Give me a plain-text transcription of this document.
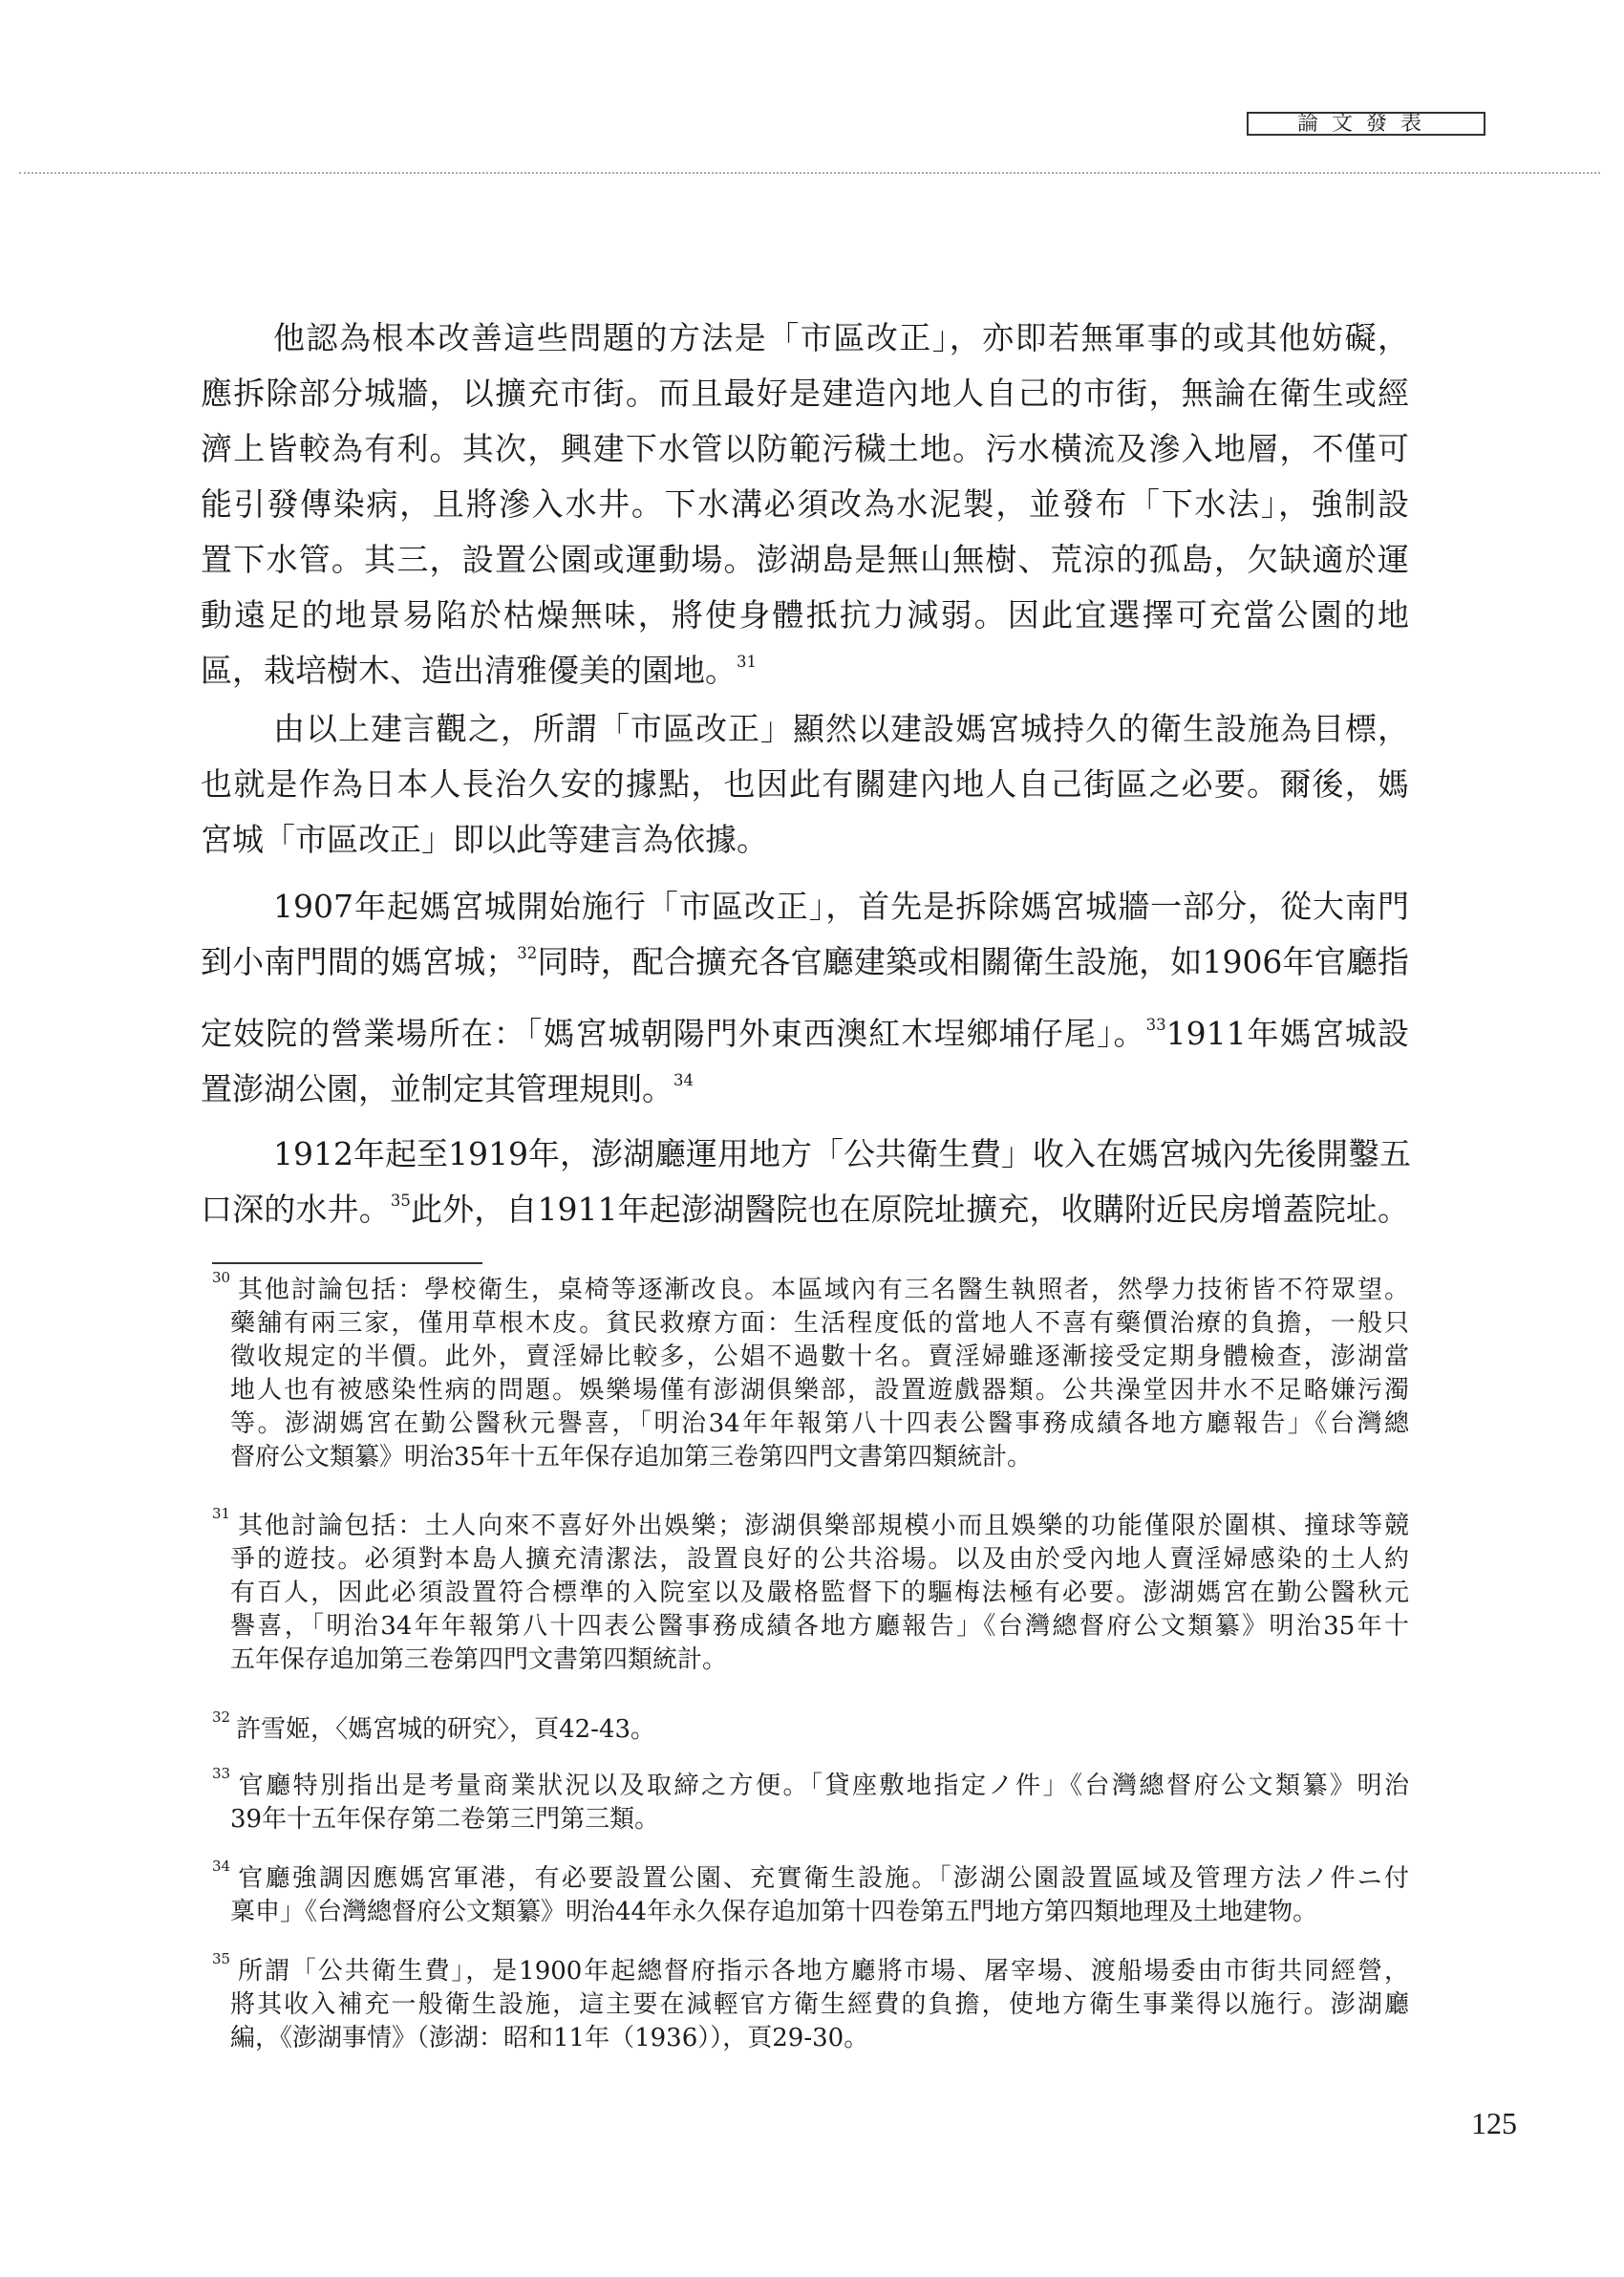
論文發表
他認為根本改善這些問題的方法是「市區改正」，亦即若無軍事的或其他妨礙，
應拆除部分城牆，以擴充市街。而且最好是建造內地人自己的市街，無論在衛生或經
濟上皆較為有利。其次，興建下水管以防範污穢土地。污水橫流及滲入地層，不僅可
能引發傳染病，且將滲入水井。下水溝必須改為水泥製，並發布「下水法」，強制設
置下水管。其三，設置公園或運動場。澎湖島是無山無樹、荒涼的孤島，欠缺適於運
動遠足的地景易陷於枯燥無味，將使身體抵抗力減弱。因此宜選擇可充當公園的地
區，栽培樹木、造出清雅優美的園地。$^{31}$
由以上建言觀之，所謂「市區改正」顯然以建設媽宮城持久的衛生設施為目標，
也就是作為日本人長治久安的據點，也因此有關建內地人自己街區之必要。爾後，媽
宮城「市區改正」即以此等建言為依據。
1907年起媽宮城開始施行「市區改正」，首先是拆除媽宮城牆一部分，從大南門
到小南門間的媽宮城；$^{32}$同時，配合擴充各官廳建築或相關衛生設施，如1906年官廳指
定妓院的營業場所在：「媽宮城朝陽門外東西澳紅木埕鄉埔仔尾」。$^{33}$1911年媽宮城設
置澎湖公園，並制定其管理規則。$^{34}$
1912年起至1919年，澎湖廳運用地方「公共衛生費」收入在媽宮城內先後開鑿五
口深的水井。$^{35}$此外，自1911年起澎湖醫院也在原院址擴充，收購附近民房增蓋院址。
$^{30}$ 其他討論包括：學校衛生，桌椅等逐漸改良。本區域內有三名醫生執照者，然學力技術皆不符眾望。
藥舖有兩三家，僅用草根木皮。貧民救療方面：生活程度低的當地人不喜有藥價治療的負擔，一般只
徵收規定的半價。此外，賣淫婦比較多，公娼不過數十名。賣淫婦雖逐漸接受定期身體檢查，澎湖當
地人也有被感染性病的問題。娛樂場僅有澎湖俱樂部，設置遊戲器類。公共澡堂因井水不足略嫌污濁
等。澎湖媽宮在勤公醫秋元譽喜，「明治34年年報第八十四表公醫事務成績各地方廳報告」《台灣總
督府公文類纂》明治35年十五年保存追加第三卷第四門文書第四類統計。
$^{31}$ 其他討論包括：土人向來不喜好外出娛樂；澎湖俱樂部規模小而且娛樂的功能僅限於圍棋、撞球等競
爭的遊技。必須對本島人擴充清潔法，設置良好的公共浴場。以及由於受內地人賣淫婦感染的土人約
有百人，因此必須設置符合標準的入院室以及嚴格監督下的驅梅法極有必要。澎湖媽宮在勤公醫秋元
譽喜，「明治34年年報第八十四表公醫事務成績各地方廳報告」《台灣總督府公文類纂》明治35年十
五年保存追加第三卷第四門文書第四類統計。
$^{32}$ 許雪姬，〈媽宮城的研究〉，頁42-43。
$^{33}$ 官廳特別指出是考量商業狀況以及取締之方便。「貸座敷地指定ノ件」《台灣總督府公文類纂》明治
39年十五年保存第二卷第三門第三類。
$^{34}$ 官廳強調因應媽宮軍港，有必要設置公園、充實衛生設施。「澎湖公園設置區域及管理方法ノ件ニ付
稟申」《台灣總督府公文類纂》明治44年永久保存追加第十四卷第五門地方第四類地理及土地建物。
$^{35}$ 所謂「公共衛生費」，是1900年起總督府指示各地方廳將市場、屠宰場、渡船場委由市街共同經營，
將其收入補充一般衛生設施，這主要在減輕官方衛生經費的負擔，使地方衛生事業得以施行。澎湖廳
編，《澎湖事情》（澎湖：昭和11年（1936）），頁29-30。
125
